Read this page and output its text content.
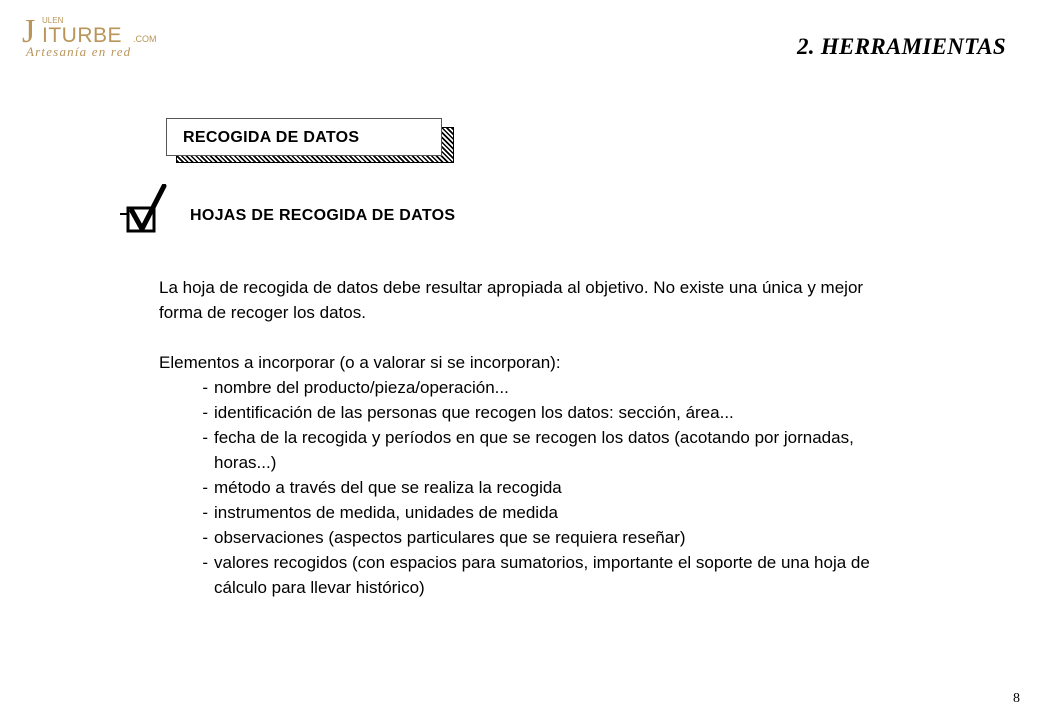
J ULEN
ITURBE .COM
Artesanía en red	2. HERRAMIENTAS
RECOGIDA DE DATOS
HOJAS DE RECOGIDA DE DATOS

La hoja de recogida de datos debe resultar apropiada al objetivo. No existe una única y mejor forma de recoger los datos.

Elementos a incorporar (o a valorar si se incorporan):

- nombre del producto/pieza/operación...
- identificación de las personas que recogen los datos: sección, área...
- fecha de la recogida y períodos en que se recogen los datos (acotando por jornadas, horas...)
- método a través del que se realiza la recogida
- instrumentos de medida, unidades de medida
- observaciones (aspectos particulares que se requiera reseñar)
- valores recogidos (con espacios para sumatorios, importante el soporte de una hoja de cálculo para llevar histórico)
8
